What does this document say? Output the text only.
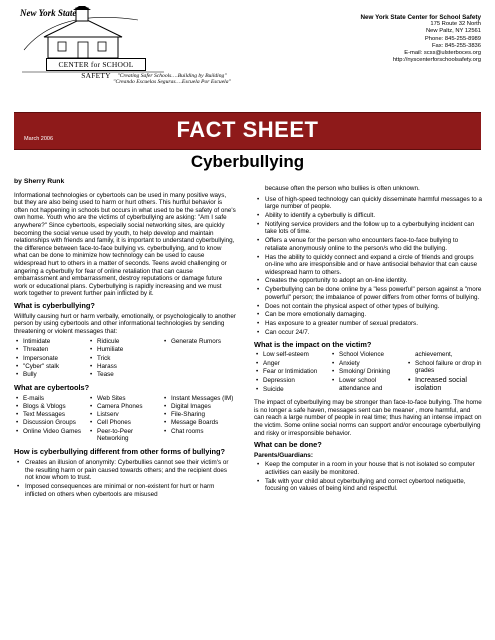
New York State
CENTER for SCHOOL SAFETY	"Creating Safer Schools….Building by Building"
"Creando Escuelas Seguras….Escuela Por Escuela"
New York State Center for School Safety
175 Route 32 North
New Paltz, NY 12561
Phone: 845-255-8989
Fax: 845-255-3836
E-mail: scss@ulsterboces.org
http://nyscenterforschoolsafety.org
March 2006	FACT SHEET
Cyberbullying
by Sherry Runk
Informational technologies or cybertools can be used in many positive ways, but they are also being used to harm or hurt others. This hurtful behavior is often not happening in schools but occurs in what used to be the safety of one's own home. Youth who are the victims of cyberbullying are asking: "Am I safe anywhere?" Since cybertools, especially social networking sites, are quickly becoming the social venue used by youth, to help develop and maintain relationships with friends and family, it is important to understand cyberbullying, the difference between face-to-face bullying vs. cyberbullying, and to know what can be done to minimize how technology can be used to cause widespread hurt to others in a matter of seconds. Teens avoid challenging or angering a cyberbully for fear of online retaliation that can cause embarrassment and embarrassment, destroy reputations or damage future work or educational plans. Cyberbullying is rapidly increasing and we must work together to prevent further pain inflicted by it.
What is cyberbullying?
Willfully causing hurt or harm verbally, emotionally, or psychologically to another person by using cybertools and other informational technologies by sending threatening or violent messages that:
• Intimidate
• Threaten
• Impersonate
• "Cyber" stalk
• Bully
• Ridicule
• Humiliate
• Trick
• Harass
• Tease
• Generate Rumors
What are cybertools?
• E-mails
• Blogs & Vblogs
• Text Messages
• Discussion Groups
• Online Video Games
• Web Sites
• Camera Phones
• Listserv
• Cell Phones
• Peer-to-Peer Networking
• Instant Messages (IM)
• Digital Images
• File-Sharing
• Message Boards
• Chat rooms
How is cyberbullying different from other forms of bullying?
• Creates an illusion of anonymity: Cyberbullies cannot see their victim's or the resulting harm or pain caused towards others; and the recipient does not know whom to trust.
• Imposed consequences are minimal or non-existent for hurt or harm inflicted on others when cybertools are misused
because often the person who bullies is often unknown.
• Use of high-speed technology can quickly disseminate harmful messages to a large number of people.
• Ability to identify a cyberbully is difficult.
• Notifying service providers and the follow up to a cyberbullying incident can take lots of time.
• Offers a venue for the person who encounters face-to-face bullying to retaliate anonymously online to the person/s who did the bullying.
• Has the ability to quickly connect and expand a circle of friends and groups on-line who are irresponsible and or have antisocial behavior that can cause widespread harm to others.
• Creates the opportunity to adopt an on-line identity.
• Cyberbullying can be done online by a "less powerful" person against a "more powerful" person; the imbalance of power differs from other forms of bullying.
• Does not contain the physical aspect of other types of bullying.
• Can be more emotionally damaging.
• Has exposure to a greater number of sexual predators.
• Can occur 24/7.
What is the impact on the victim?
• Low self-esteem
• Anger
• Fear or Intimidation
• Depression
• Suicide
• School Violence
• Anxiety
• Smoking/ Drinking
• Lower school attendance and
achievement,
• School failure or drop in grades
• Increased social isolation
The impact of cyberbullying may be stronger than face-to-face bullying. The home is no longer a safe haven, messages sent can be meaner , more harmful, and can reach a large number of people in real time; thus having an intense impact on the victim. Some online social norms can support and/or encourage cyberbullying and risky or irresponsible behavior.
What can be done?
Parents/Guardians:
• Keep the computer in a room in your house that is not isolated so computer activities can easily be monitored.
• Talk with your child about cyberbullying and correct cybertool netiquette, focusing on values of being kind and respectful.
